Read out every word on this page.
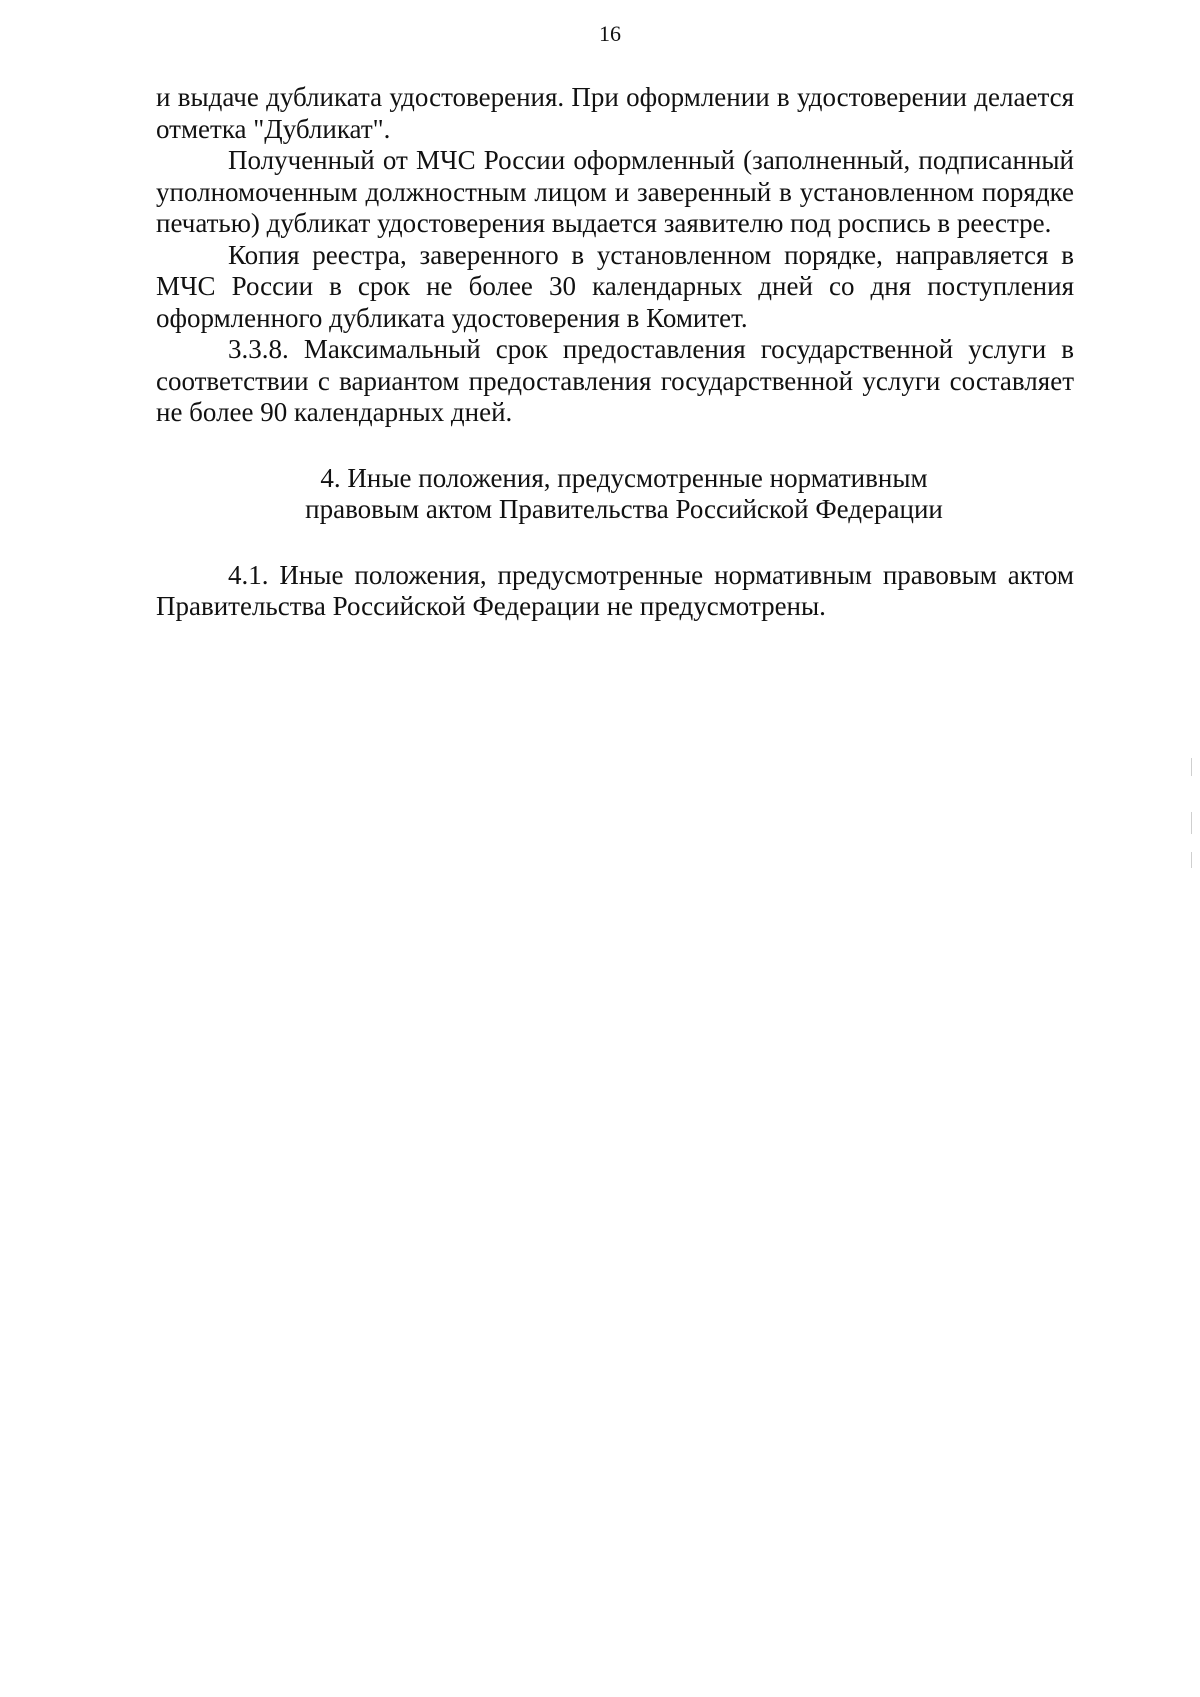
16

и выдаче дубликата удостоверения. При оформлении в удостоверении делается отметка "Дубликат".

Полученный от МЧС России оформленный (заполненный, подписанный уполномоченным должностным лицом и заверенный в установленном порядке печатью) дубликат удостоверения выдается заявителю под роспись в реестре.

Копия реестра, заверенного в установленном порядке, направляется в МЧС России в срок не более 30 календарных дней со дня поступления оформленного дубликата удостоверения в Комитет.

3.3.8. Максимальный срок предоставления государственной услуги в соответствии с вариантом предоставления государственной услуги составляет не более 90 календарных дней.

4. Иные положения, предусмотренные нормативным
правовым актом Правительства Российской Федерации

4.1. Иные положения, предусмотренные нормативным правовым актом Правительства Российской Федерации не предусмотрены.
